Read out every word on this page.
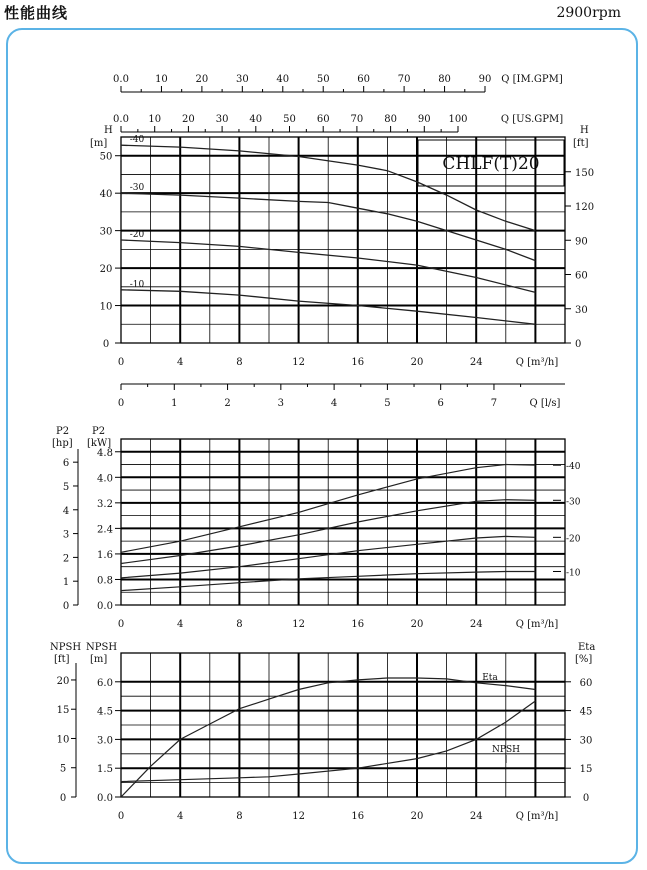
性能曲线	2900rpm
CHLF(T)20
H
[m]
H
[ft]
P2
[hp]
P2
[kW]
NPSH
[ft]
NPSH
[m]
Eta
[%]
0.0	10	20	30	40	50	60	70	80	90 Q [IM.GPM]
0.0 10 20 30 40 50 60 70 80 90 100	Q [US.GPM]
0
10
20
30
40
50
0
30
60
90
120
150
0	4	8	12	16	20	24	Q [m³/h]
-40
-30
-20
-10
0	1	2	3	4	5	6	7	Q [l/s]
0.0
0.8
1.6
2.4
3.2
4.0
4.8
0
1
2
3
4
5
6
0	4	8	12	16	20	24	Q [m³/h]
-40
-30
-20
-10
0.0
1.5
3.0
4.5
6.0
0
5
10
15
20
0
15
30
45
60
0	4	8	12	16	20	24	Q [m³/h]
Eta
NPSH
